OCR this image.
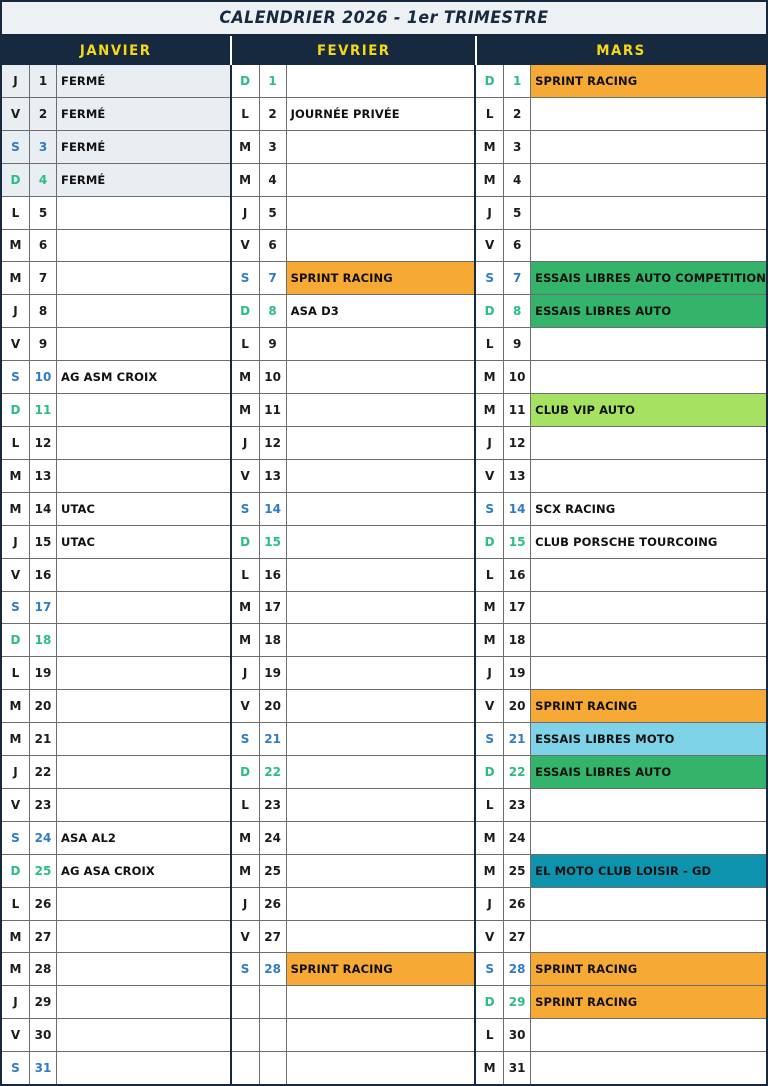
CALENDRIER 2026 - 1er TRIMESTRE
JANVIER	FEVRIER	MARS
J	1	FERMÉ
V	2	FERMÉ
S	3	FERMÉ
D	4	FERMÉ
L	5
M	6
M	7
J	8
V	9
S	10 AG ASM CROIX
D	11
L	12
M	13
M	14 UTAC
J	15 UTAC
V	16
S	17
D	18
L	19
M	20
M	21
J	22
V	23
S	24 ASA AL2
D	25 AG ASA CROIX
L	26
M	27
M	28
J	29
V	30
S	31
D	1
L	2	JOURNÉE PRIVÉE
M	3
M	4
J	5
V	6
S	7	SPRINT RACING
D	8	ASA D3
L	9
M	10
M	11
J	12
V	13
S	14
D	15
L	16
M	17
M	18
J	19
V	20
S	21
D	22
L	23
M	24
M	25
J	26
V	27
S	28 SPRINT RACING
D	1	SPRINT RACING
L	2
M	3
M	4
J	5
V	6
S	7	ESSAIS LIBRES AUTO COMPETITION
D	8	ESSAIS LIBRES AUTO
L	9
M	10
M	11 CLUB VIP AUTO
J	12
V	13
S	14 SCX RACING
D	15 CLUB PORSCHE TOURCOING
L	16
M	17
M	18
J	19
V	20 SPRINT RACING
S	21 ESSAIS LIBRES MOTO
D	22 ESSAIS LIBRES AUTO
L	23
M	24
M	25 EL MOTO CLUB LOISIR - GD
J	26
V	27
S	28 SPRINT RACING
D	29 SPRINT RACING
L	30
M	31
